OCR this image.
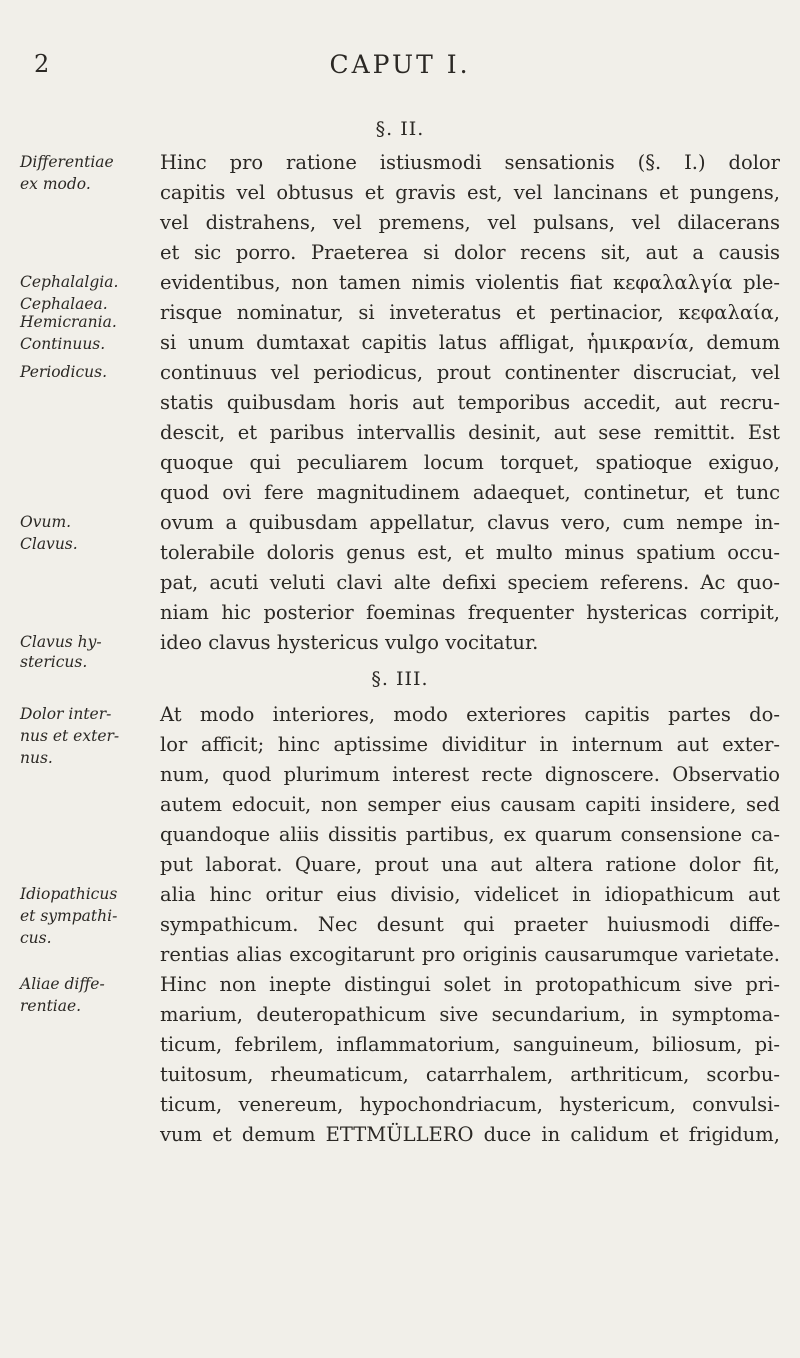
2	CAPUT I.
§. II.
Hinc pro ratione istiusmodi sensationis (§. I.) dolor
capitis vel obtusus et gravis est, vel lancinans et pungens,
vel distrahens, vel premens, vel pulsans, vel dilacerans
et sic porro. Praeterea si dolor recens sit, aut a causis
evidentibus, non tamen nimis violentis fiat κεφαλαλγία ple-
risque nominatur, si inveteratus et pertinacior, κεφαλαία,
si unum dumtaxat capitis latus affligat, ἡμικρανία, demum
continuus vel periodicus, prout continenter discruciat, vel
statis quibusdam horis aut temporibus accedit, aut recru-
descit, et paribus intervallis desinit, aut sese remittit. Est
quoque qui peculiarem locum torquet, spatioque exiguo,
quod ovi fere magnitudinem adaequet, continetur, et tunc
ovum a quibusdam appellatur, clavus vero, cum nempe in-
tolerabile doloris genus est, et multo minus spatium occu-
pat, acuti veluti clavi alte defixi speciem referens. Ac quo-
niam hic posterior foeminas frequenter hystericas corripit,
ideo clavus hystericus vulgo vocitatur.
§. III.
At modo interiores, modo exteriores capitis partes do-
lor afficit; hinc aptissime dividitur in internum aut exter-
num, quod plurimum interest recte dignoscere. Observatio
autem edocuit, non semper eius causam capiti insidere, sed
quandoque aliis dissitis partibus, ex quarum consensione ca-
put laborat. Quare, prout una aut altera ratione dolor fit,
alia hinc oritur eius divisio, videlicet in idiopathicum aut
sympathicum. Nec desunt qui praeter huiusmodi diffe-
rentias alias excogitarunt pro originis causarumque varietate.
Hinc non inepte distingui solet in protopathicum sive pri-
marium, deuteropathicum sive secundarium, in symptoma-
ticum, febrilem, inflammatorium, sanguineum, biliosum, pi-
tuitosum, rheumaticum, catarrhalem, arthriticum, scorbu-
ticum, venereum, hypochondriacum, hystericum, convulsi-
vum et demum ETTMÜLLERO duce in calidum et frigidum,
Differentiae
ex modo.
Cephalalgia.
Cephalaea.
Hemicrania.
Continuus.
Periodicus.
Ovum.
Clavus.
Clavus hy-
stericus.
Dolor inter-
nus et exter-
nus.
Idiopathicus
et sympathi-
cus.
Aliae diffe-
rentiae.
